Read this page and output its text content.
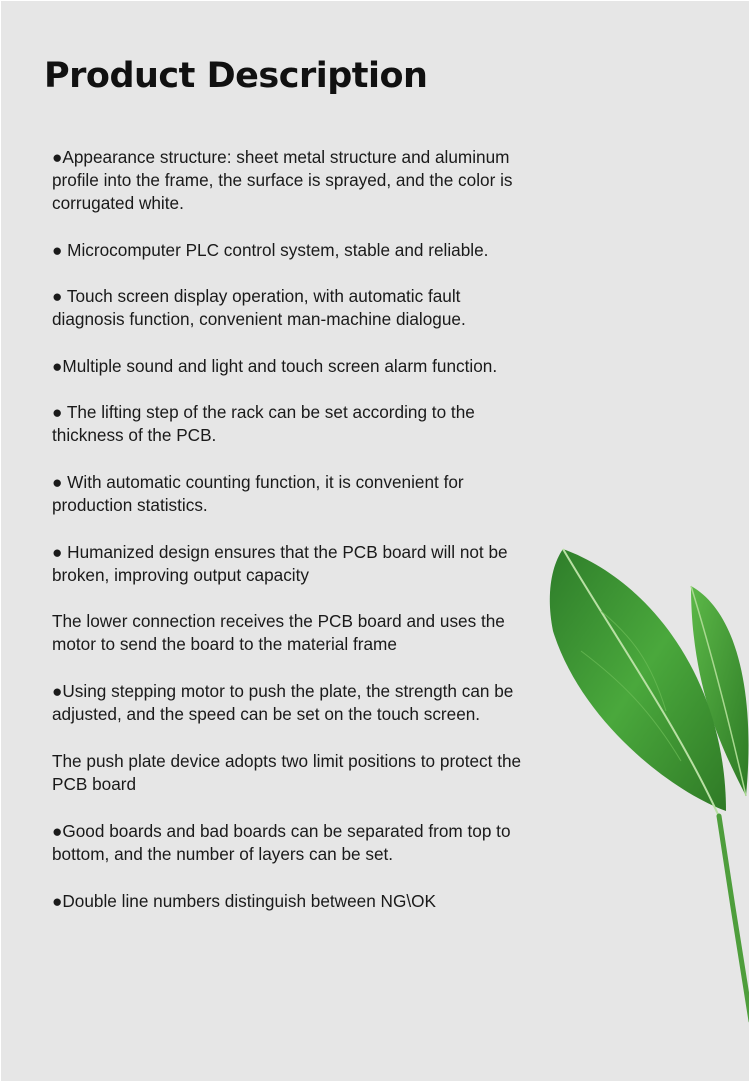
Product Description

●Appearance structure: sheet metal structure and aluminum profile into the frame, the surface is sprayed, and the color is corrugated white.

● Microcomputer PLC control system, stable and reliable.

● Touch screen display operation, with automatic fault diagnosis function, convenient man-machine dialogue.

●Multiple sound and light and touch screen alarm function.

● The lifting step of the rack can be set according to the thickness of the PCB.

● With automatic counting function, it is convenient for production statistics.

● Humanized design ensures that the PCB board will not be broken, improving output capacity

The lower connection receives the PCB board and uses the motor to send the board to the material frame

●Using stepping motor to push the plate, the strength can be adjusted, and the speed can be set on the touch screen.

The push plate device adopts two limit positions to protect the PCB board

●Good boards and bad boards can be separated from top to bottom, and the number of layers can be set.

●Double line numbers distinguish between NG\OK
